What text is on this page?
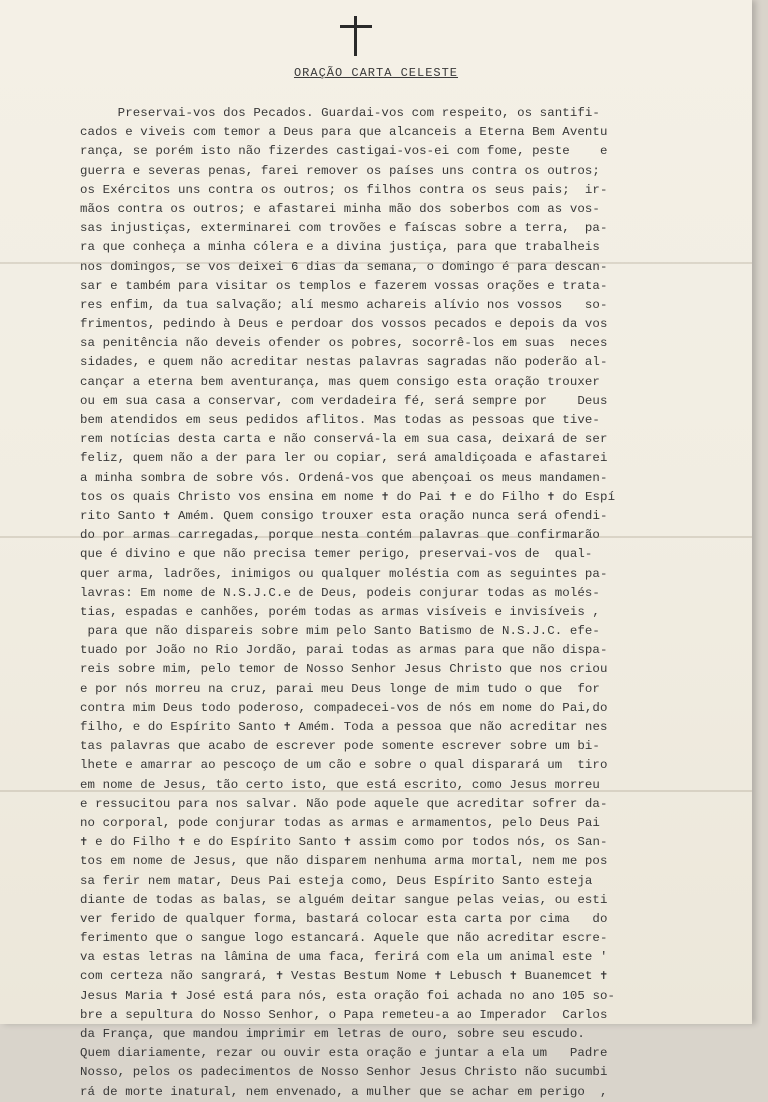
ORAÇÃO CARTA CELESTE
Preservai-vos dos Pecados. Guardai-vos com respeito, os santifi-
cados e viveis com temor a Deus para que alcanceis a Eterna Bem Aventu
rança, se porém isto não fizerdes castigai-vos-ei com fome, peste    e
guerra e severas penas, farei remover os países uns contra os outros;
os Exércitos uns contra os outros; os filhos contra os seus pais;  ir-
mãos contra os outros; e afastarei minha mão dos soberbos com as vos-
sas injustiças, exterminarei com trovões e faíscas sobre a terra,  pa-
ra que conheça a minha cólera e a divina justiça, para que trabalheis
nos domingos, se vos deixei 6 dias da semana, o domingo é para descan-
sar e também para visitar os templos e fazerem vossas orações e trata-
res enfim, da tua salvação; alí mesmo achareis alívio nos vossos   so-
frimentos, pedindo à Deus e perdoar dos vossos pecados e depois da vos
sa penitência não deveis ofender os pobres, socorrê-los em suas  neces
sidades, e quem não acreditar nestas palavras sagradas não poderão al-
cançar a eterna bem aventurança, mas quem consigo esta oração trouxer
ou em sua casa a conservar, com verdadeira fé, será sempre por    Deus
bem atendidos em seus pedidos aflitos. Mas todas as pessoas que tive-
rem notícias desta carta e não conservá-la em sua casa, deixará de ser
feliz, quem não a der para ler ou copiar, será amaldiçoada e afastarei
a minha sombra de sobre vós. Ordená-vos que abençoai os meus mandamen-
tos os quais Christo vos ensina em nome ✝ do Pai ✝ e do Filho ✝ do Espí
rito Santo ✝ Amém. Quem consigo trouxer esta oração nunca será ofendi-
do por armas carregadas, porque nesta contém palavras que confirmarão
que é divino e que não precisa temer perigo, preservai-vos de  qual-
quer arma, ladrões, inimigos ou qualquer moléstia com as seguintes pa-
lavras: Em nome de N.S.J.C.e de Deus, podeis conjurar todas as molés-
tias, espadas e canhões, porém todas as armas visíveis e invisíveis ,
para que não dispareis sobre mim pelo Santo Batismo de N.S.J.C. efe-
tuado por João no Rio Jordão, parai todas as armas para que não dispa-
reis sobre mim, pelo temor de Nosso Senhor Jesus Christo que nos criou
e por nós morreu na cruz, parai meu Deus longe de mim tudo o que  for
contra mim Deus todo poderoso, compadecei-vos de nós em nome do Pai,do
filho, e do Espírito Santo ✝ Amém. Toda a pessoa que não acreditar nes
tas palavras que acabo de escrever pode somente escrever sobre um bi-
lhete e amarrar ao pescoço de um cão e sobre o qual disparará um  tiro
em nome de Jesus, tão certo isto, que está escrito, como Jesus morreu
e ressucitou para nos salvar. Não pode aquele que acreditar sofrer da-
no corporal, pode conjurar todas as armas e armamentos, pelo Deus Pai
✝ e do Filho ✝ e do Espírito Santo ✝ assim como por todos nós, os San-
tos em nome de Jesus, que não disparem nenhuma arma mortal, nem me pos
sa ferir nem matar, Deus Pai esteja como, Deus Espírito Santo esteja
diante de todas as balas, se alguém deitar sangue pelas veias, ou esti
ver ferido de qualquer forma, bastará colocar esta carta por cima   do
ferimento que o sangue logo estancará. Aquele que não acreditar escre-
va estas letras na lâmina de uma faca, ferirá com ela um animal este '
com certeza não sangrará, ✝ Vestas Bestum Nome ✝ Lebusch ✝ Buanemcet ✝
Jesus Maria ✝ José está para nós, esta oração foi achada no ano 105 so-
bre a sepultura do Nosso Senhor, o Papa remeteu-a ao Imperador  Carlos
da França, que mandou imprimir em letras de ouro, sobre seu escudo.
Quem diariamente, rezar ou ouvir esta oração e juntar a ela um   Padre
Nosso, pelos os padecimentos de Nosso Senhor Jesus Christo não sucumbi
rá de morte inatural, nem envenado, a mulher que se achar em perigo  ,
